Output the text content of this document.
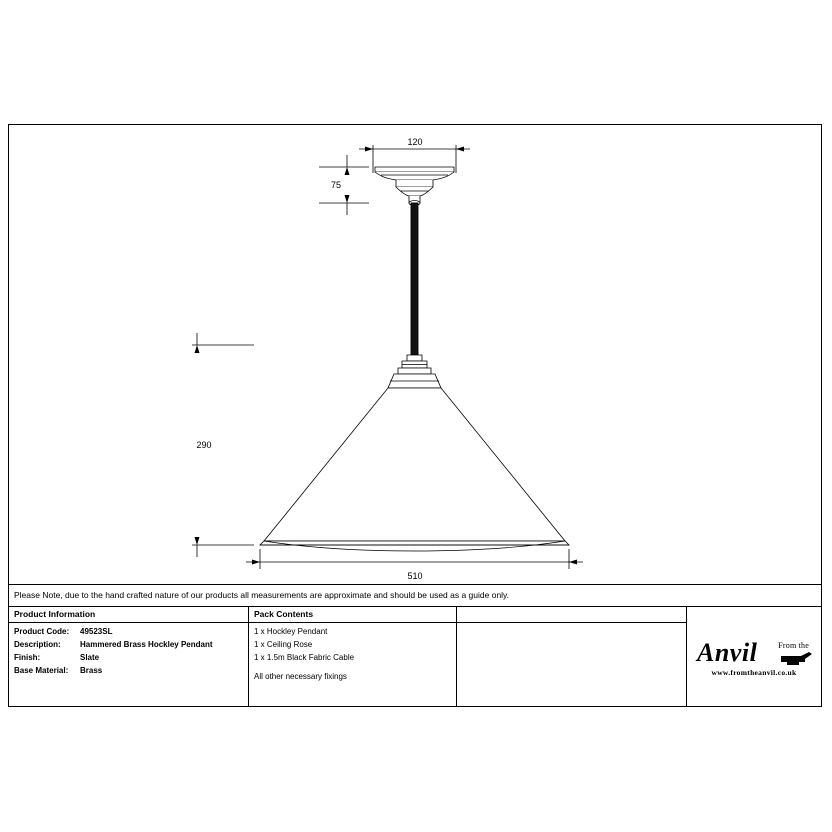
120
75
290
510
Please Note, due to the hand crafted nature of our products all measurements are approximate and should be used as a guide only.
Product Information
Product Code:	49523SL
Description:	Hammered Brass Hockley Pendant
Finish:	Slate
Base Material:	Brass
Pack Contents
1 x Hockley Pendant
1 x Ceiling Rose
1 x 1.5m Black Fabric Cable
All other necessary fixings

From the
Anvil
www.fromtheanvil.co.uk
